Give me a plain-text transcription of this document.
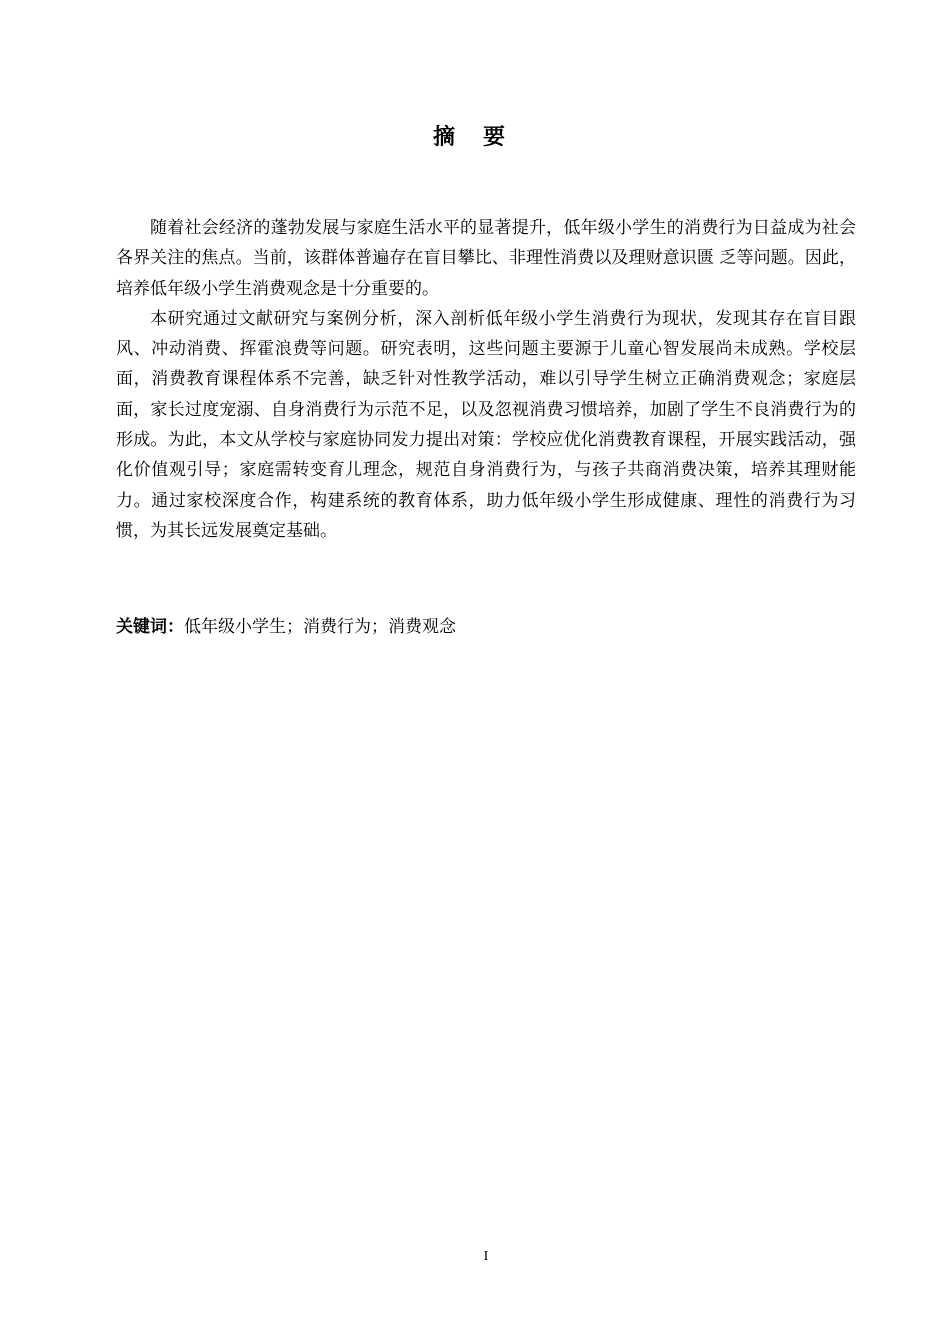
摘要

随着社会经济的蓬勃发展与家庭生活水平的显著提升，低年级小学生的消费行为日益成为社会各界关注的焦点。当前，该群体普遍存在盲目攀比、非理性消费以及理财意识匮 乏等问题。因此，培养低年级小学生消费观念是十分重要的。

本研究通过文献研究与案例分析，深入剖析低年级小学生消费行为现状，发现其存在盲目跟风、冲动消费、挥霍浪费等问题。研究表明，这些问题主要源于儿童心智发展尚未成熟。学校层面，消费教育课程体系不完善，缺乏针对性教学活动，难以引导学生树立正确消费观念；家庭层面，家长过度宠溺、自身消费行为示范不足，以及忽视消费习惯培养，加剧了学生不良消费行为的形成。为此，本文从学校与家庭协同发力提出对策：学校应优化消费教育课程，开展实践活动，强化价值观引导；家庭需转变育儿理念，规范自身消费行为，与孩子共商消费决策，培养其理财能力。通过家校深度合作，构建系统的教育体系，助力低年级小学生形成健康、理性的消费行为习惯，为其长远发展奠定基础。

关键词：低年级小学生；消费行为；消费观念
I
